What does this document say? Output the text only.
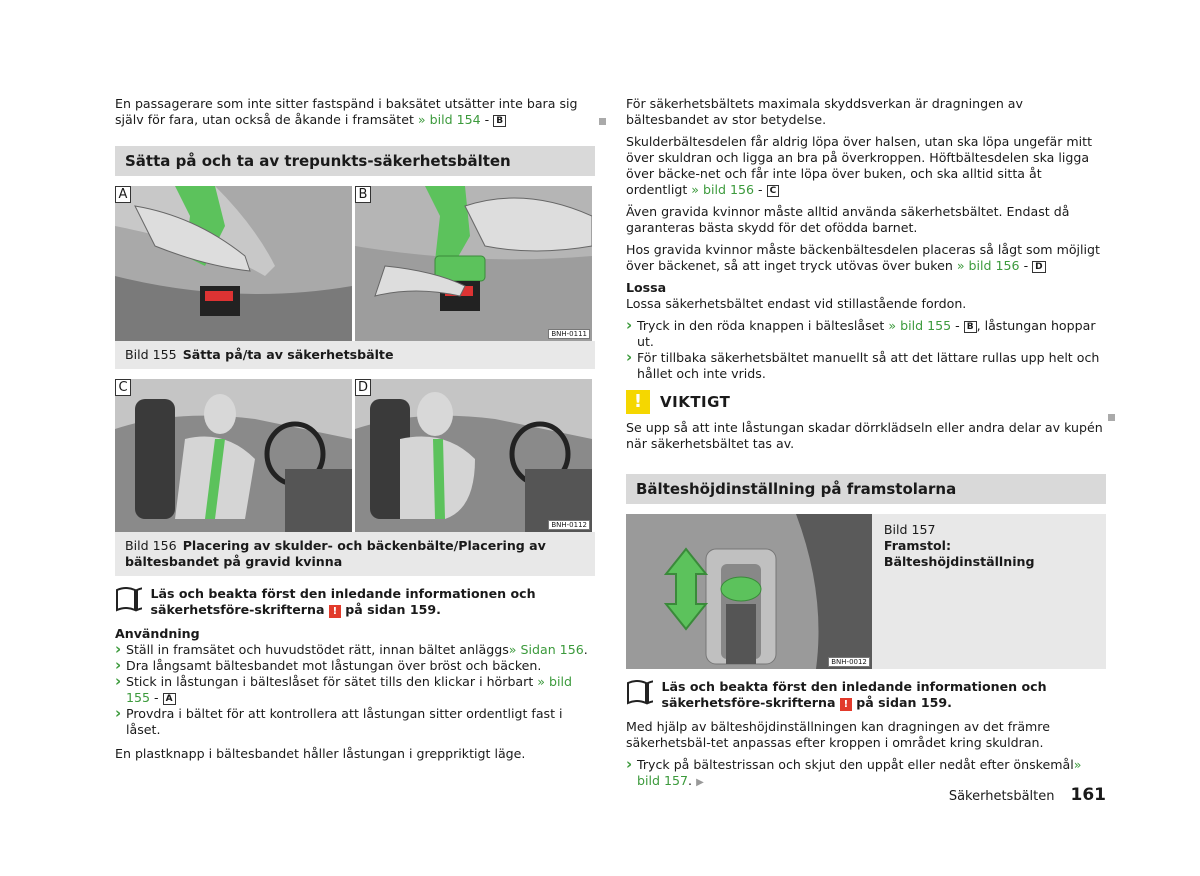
En passagerare som inte sitter fastspänd i baksätet utsätter inte bara sig själv för fara, utan också de åkande i framsätet » bild 154 - B

Sätta på och ta av trepunkts-säkerhetsbälten
A	B
BNH-0111
Bild 155 Sätta på/ta av säkerhetsbälte
C	D
BNH-0112
Bild 156 Placering av skulder- och bäckenbälte/Placering av bältesbandet på gravid kvinna
Läs och beakta först den inledande informationen och säkerhetsföre-skrifterna ! på sidan 159.
Användning
› Ställ in framsätet och huvudstödet rätt, innan bältet anläggs» Sidan 156.
› Dra långsamt bältesbandet mot låstungan över bröst och bäcken.
› Stick in låstungan i bälteslåset för sätet tills den klickar i hörbart » bild 155 - A
› Provdra i bältet för att kontrollera att låstungan sitter ordentligt fast i låset.

En plastknapp i bältesbandet håller låstungan i greppriktigt läge.

För säkerhetsbältets maximala skyddsverkan är dragningen av bältesbandet av stor betydelse.

Skulderbältesdelen får aldrig löpa över halsen, utan ska löpa ungefär mitt över skuldran och ligga an bra på överkroppen. Höftbältesdelen ska ligga över bäcke-net och får inte löpa över buken, och ska alltid sitta åt ordentligt » bild 156 - C

Även gravida kvinnor måste alltid använda säkerhetsbältet. Endast då garanteras bästa skydd för det ofödda barnet.

Hos gravida kvinnor måste bäckenbältesdelen placeras så lågt som möjligt över bäckenet, så att inget tryck utövas över buken » bild 156 - D

Lossa

Lossa säkerhetsbältet endast vid stillastående fordon.

› Tryck in den röda knappen i bälteslåset » bild 155 - B , låstungan hoppar ut.
› För tillbaka säkerhetsbältet manuellt så att det lättare rullas upp helt och hållet och inte vrids.
!	VIKTIGT

Se upp så att inte låstungan skadar dörrklädseln eller andra delar av kupén när säkerhetsbältet tas av.

Bälteshöjdinställning på framstolarna
BNH-0012
Bild 157
Framstol: Bälteshöjdinställning
Läs och beakta först den inledande informationen och säkerhetsföre-skrifterna ! på sidan 159.

Med hjälp av bälteshöjdinställningen kan dragningen av det främre säkerhetsbäl-tet anpassas efter kroppen i området kring skuldran.

› Tryck på bältestrissan och skjut den uppåt eller nedåt efter önskemål» bild 157. ▶
Säkerhetsbälten 161
